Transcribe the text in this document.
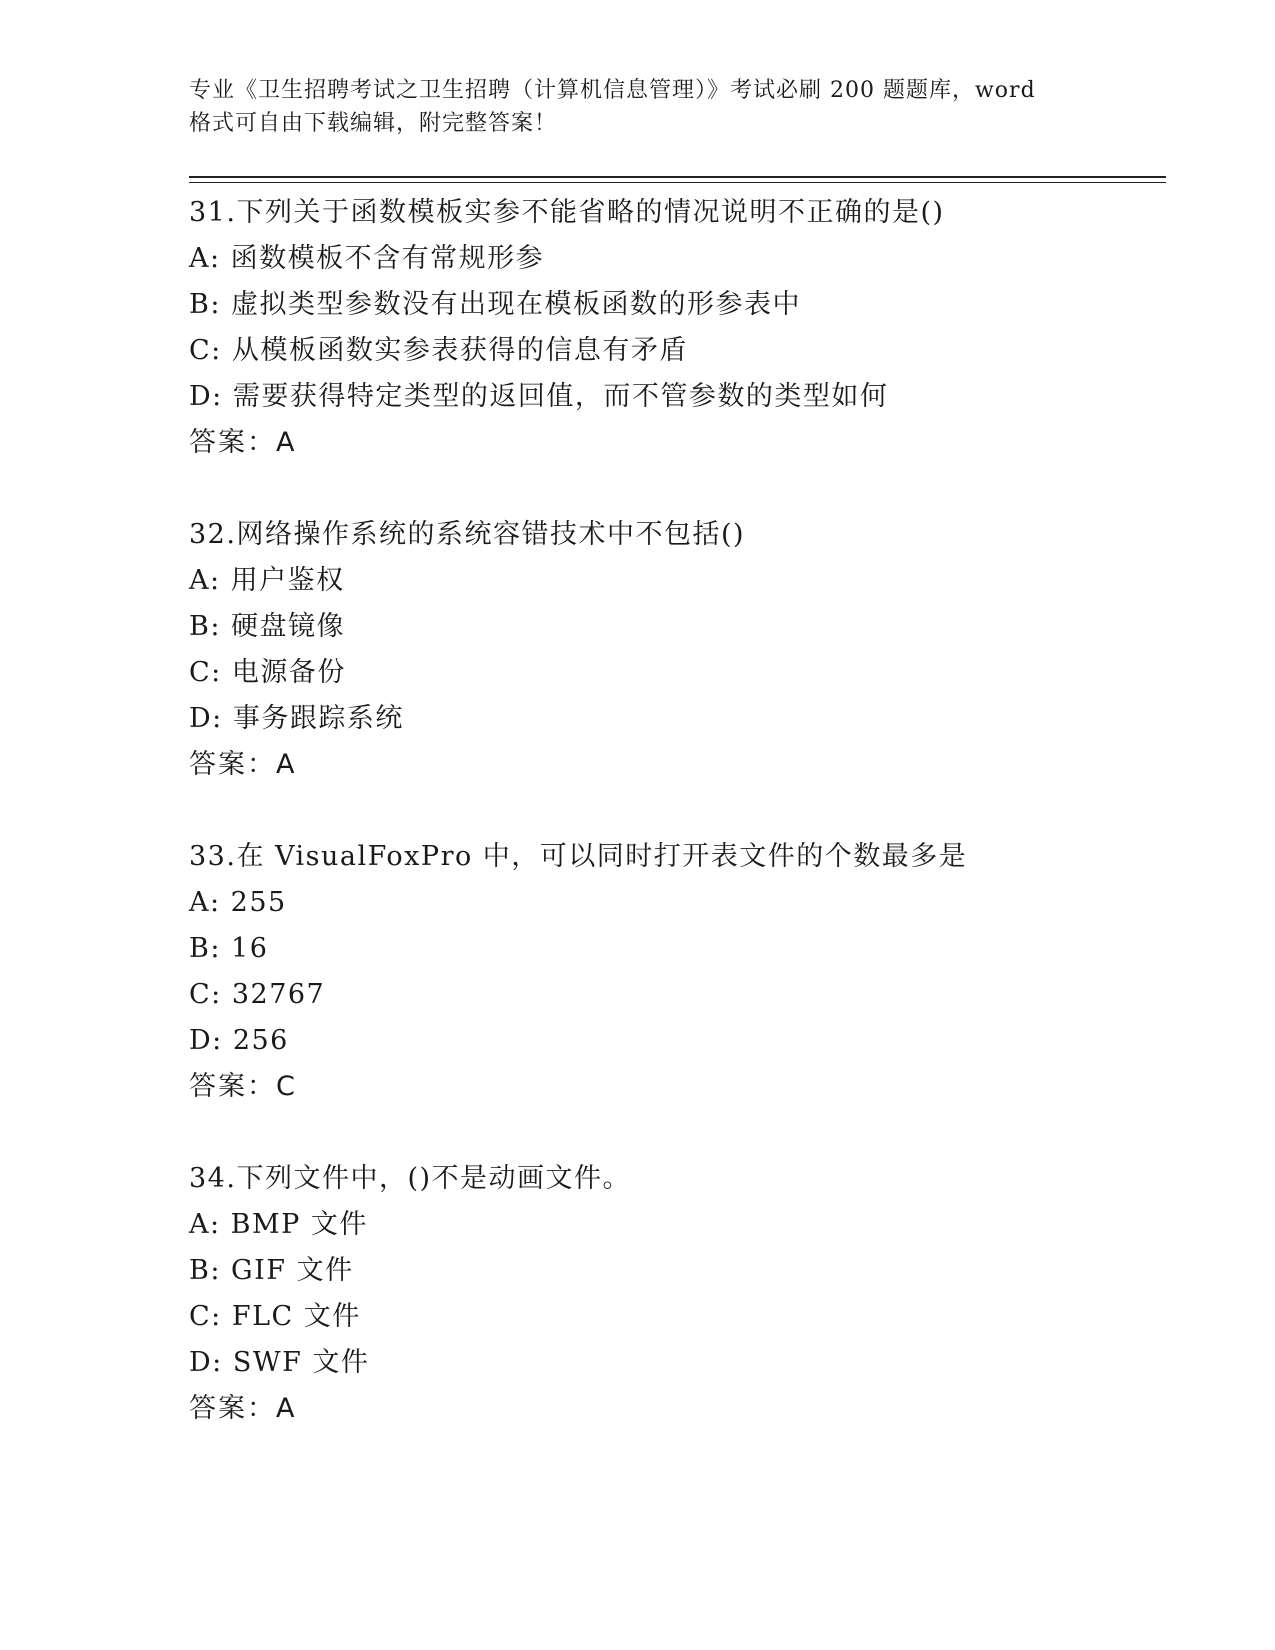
专业《卫生招聘考试之卫生招聘（计算机信息管理）》考试必刷 200 题题库，word
格式可自由下载编辑，附完整答案！
31.下列关于函数模板实参不能省略的情况说明不正确的是()
A: 函数模板不含有常规形参
B: 虚拟类型参数没有出现在模板函数的形参表中
C: 从模板函数实参表获得的信息有矛盾
D: 需要获得特定类型的返回值，而不管参数的类型如何
答案：A
32.网络操作系统的系统容错技术中不包括()
A: 用户鉴权
B: 硬盘镜像
C: 电源备份
D: 事务跟踪系统
答案：A
33.在 VisualFoxPro 中，可以同时打开表文件的个数最多是
A: 255
B: 16
C: 32767
D: 256
答案：C
34.下列文件中，()不是动画文件。
A: BMP 文件
B: GIF 文件
C: FLC 文件
D: SWF 文件
答案：A
